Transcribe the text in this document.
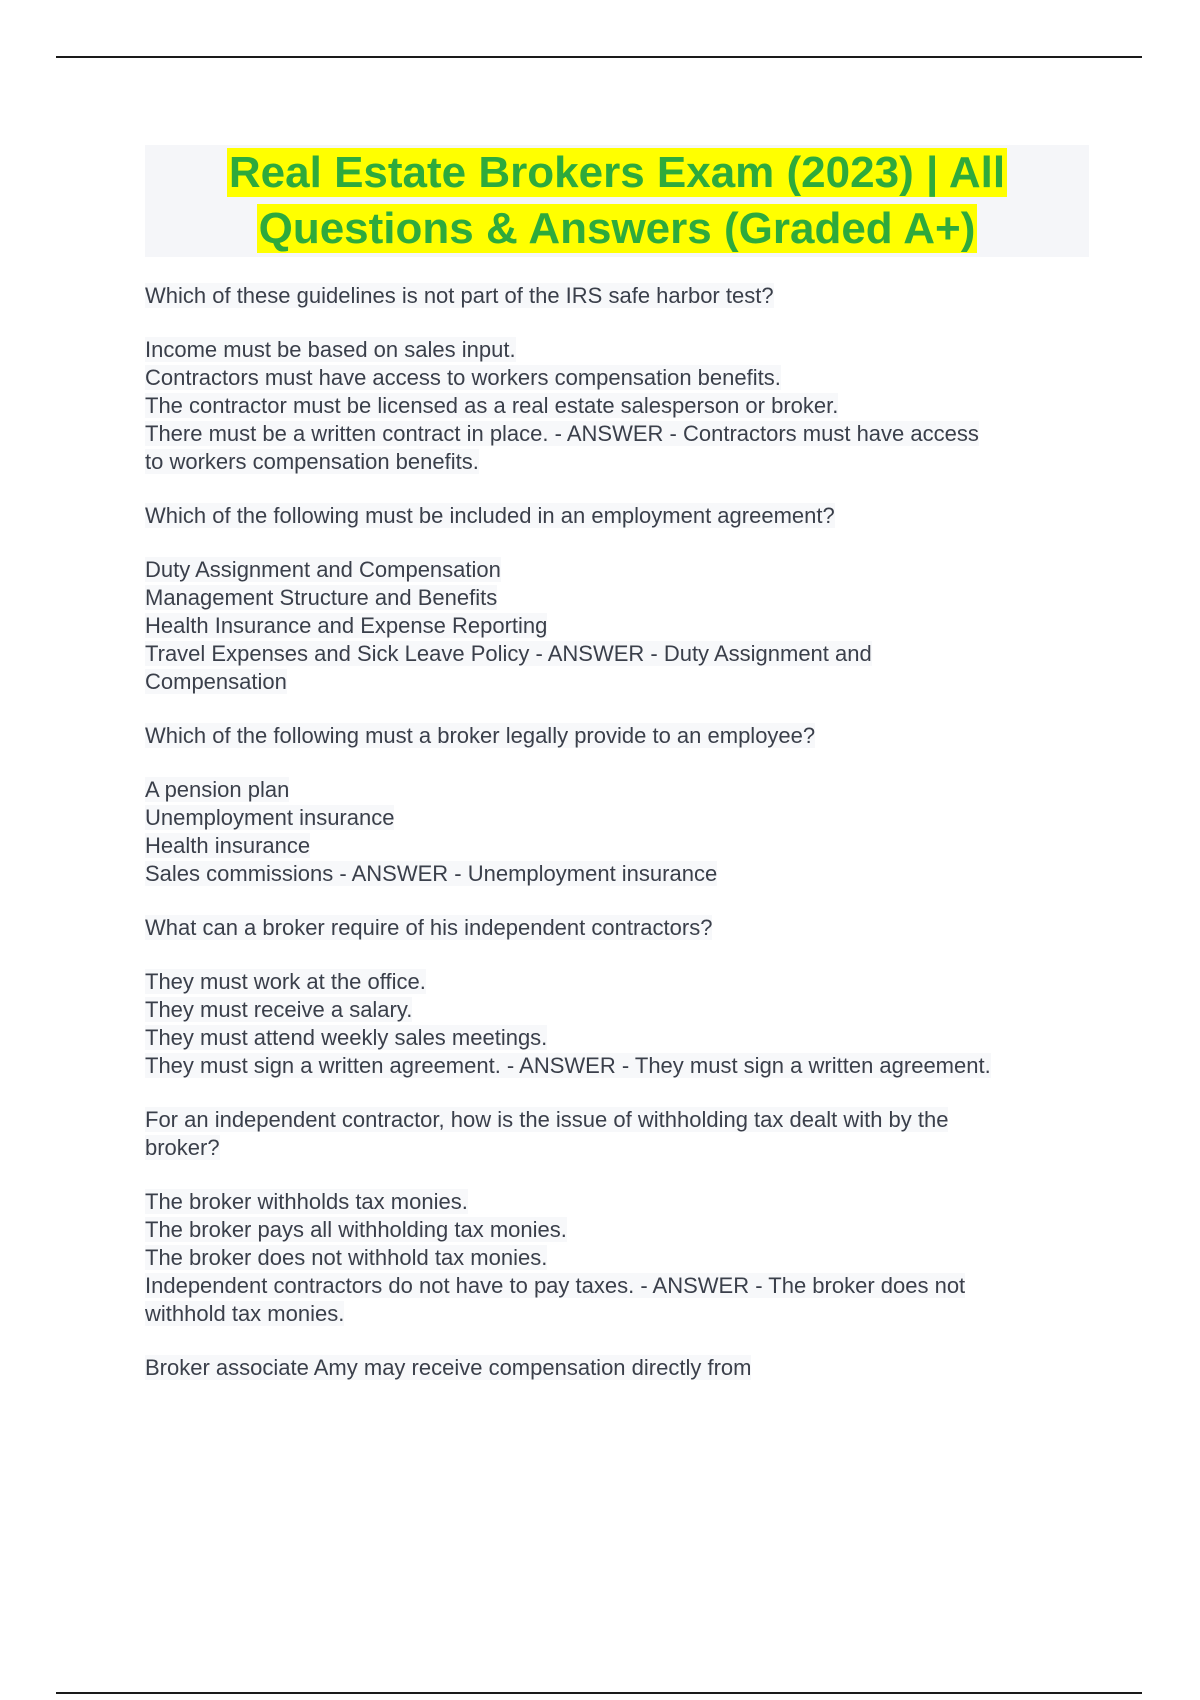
Real Estate Brokers Exam (2023) | All
Questions & Answers (Graded A+)
Which of these guidelines is not part of the IRS safe harbor test?
Income must be based on sales input.
Contractors must have access to workers compensation benefits.
The contractor must be licensed as a real estate salesperson or broker.
There must be a written contract in place. - ANSWER - Contractors must have access
to workers compensation benefits.
Which of the following must be included in an employment agreement?
Duty Assignment and Compensation
Management Structure and Benefits
Health Insurance and Expense Reporting
Travel Expenses and Sick Leave Policy - ANSWER - Duty Assignment and
Compensation
Which of the following must a broker legally provide to an employee?
A pension plan
Unemployment insurance
Health insurance
Sales commissions - ANSWER - Unemployment insurance
What can a broker require of his independent contractors?
They must work at the office.
They must receive a salary.
They must attend weekly sales meetings.
They must sign a written agreement. - ANSWER - They must sign a written agreement.
For an independent contractor, how is the issue of withholding tax dealt with by the
broker?
The broker withholds tax monies.
The broker pays all withholding tax monies.
The broker does not withhold tax monies.
Independent contractors do not have to pay taxes. - ANSWER - The broker does not
withhold tax monies.
Broker associate Amy may receive compensation directly from
